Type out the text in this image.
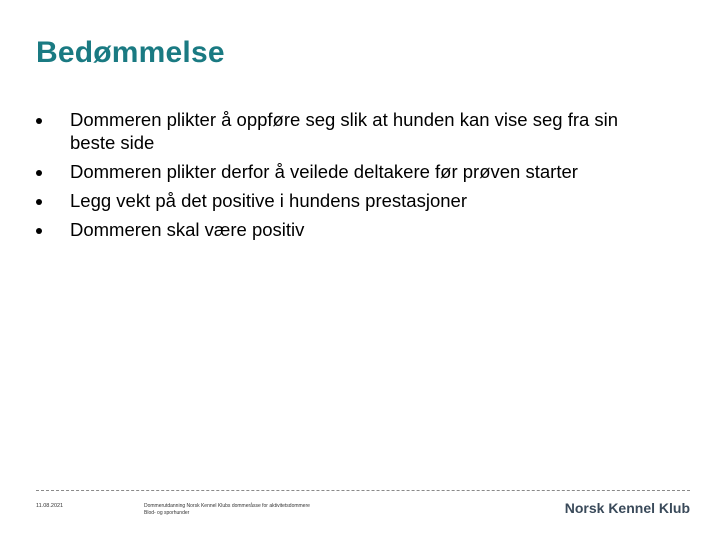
Bedømmelse
Dommeren plikter å oppføre seg slik at hunden kan vise seg fra sin beste side
Dommeren plikter derfor å veilede deltakere før prøven starter
Legg vekt på det positive i hundens prestasjoner
Dommeren skal være positiv
11.08.2021	Dommerutdanning Norsk Kennel Klubs dommeråsse for aktivitetsdommere
Blod- og sporhunder	Norsk Kennel Klub
